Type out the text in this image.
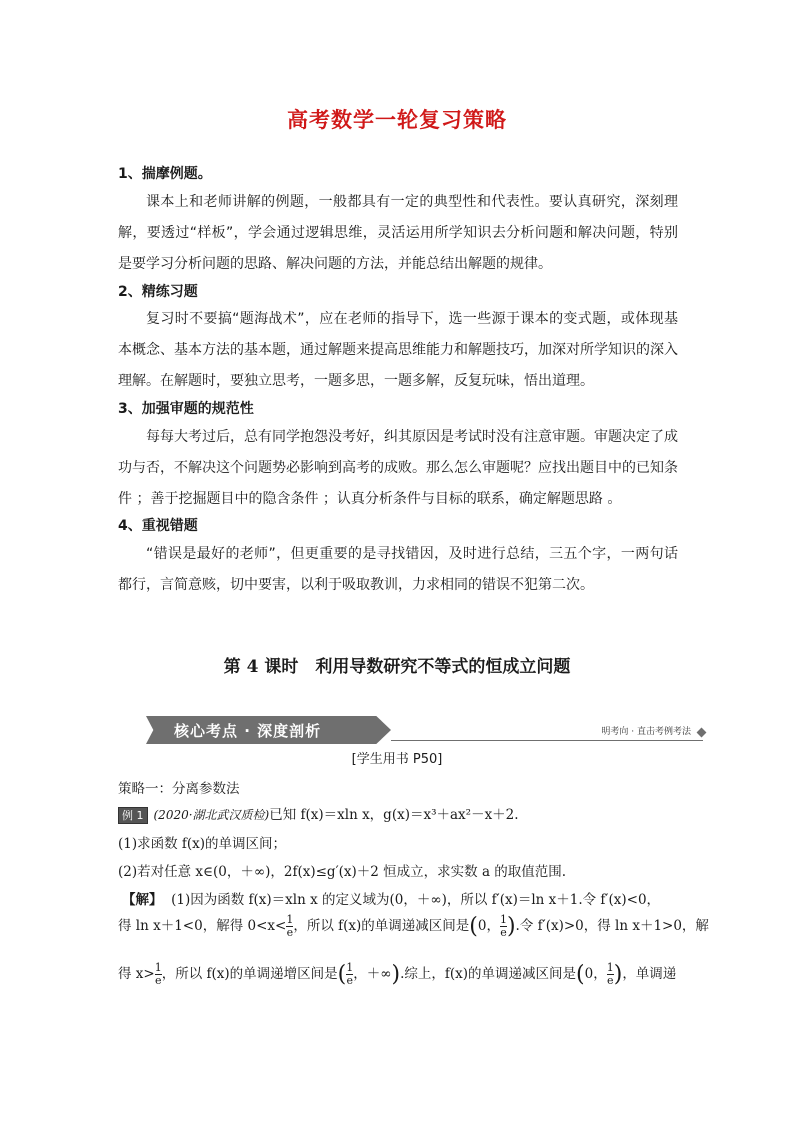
高考数学一轮复习策略
1、揣摩例题。
课本上和老师讲解的例题，一般都具有一定的典型性和代表性。要认真研究，深刻理解，要透过“样板”，学会通过逻辑思维，灵活运用所学知识去分析问题和解决问题，特别是要学习分析问题的思路、解决问题的方法，并能总结出解题的规律。
2、精练习题
复习时不要搞“题海战术”，应在老师的指导下，选一些源于课本的变式题，或体现基本概念、基本方法的基本题，通过解题来提高思维能力和解题技巧，加深对所学知识的深入理解。在解题时，要独立思考，一题多思，一题多解，反复玩味，悟出道理。
3、加强审题的规范性
每每大考过后，总有同学抱怨没考好，纠其原因是考试时没有注意审题。审题决定了成功与否，不解决这个问题势必影响到高考的成败。那么怎么审题呢？应找出题目中的已知条件 ；善于挖掘题目中的隐含条件 ；认真分析条件与目标的联系，确定解题思路 。
4、重视错题
“错误是最好的老师”，但更重要的是寻找错因，及时进行总结，三五个字，一两句话都行，言简意赅，切中要害，以利于吸取教训，力求相同的错误不犯第二次。
第 4 课时　利用导数研究不等式的恒成立问题
核心考点 · 深度剖析	明考向 · 直击考例考法
[学生用书 P50]
策略一：分离参数法
例 1 (2020·湖北武汉质检)已知 f(x)＝xln x，g(x)＝x³＋ax²－x＋2.
(1)求函数 f(x)的单调区间；
(2)若对任意 x∈(0，＋∞)，2f(x)≤g′(x)＋2 恒成立，求实数 a 的取值范围.
【解】 (1)因为函数 f(x)＝xln x 的定义域为(0，＋∞)，所以 f′(x)＝ln x＋1.令 f′(x)<0，
得 ln x＋1<0，解得 $0<x< \frac{1}{e}$ ，所以 f(x)的单调递减区间是(0， $\frac{1}{e}$ ).令 f′(x)>0，得 ln x＋1>0，解
得 $x> \frac{1}{e}$ ，所以 f(x)的单调递增区间是( $\frac{1}{e}$ ，＋∞).综上，f(x)的单调递减区间是(0， $\frac{1}{e}$ )，单调递
